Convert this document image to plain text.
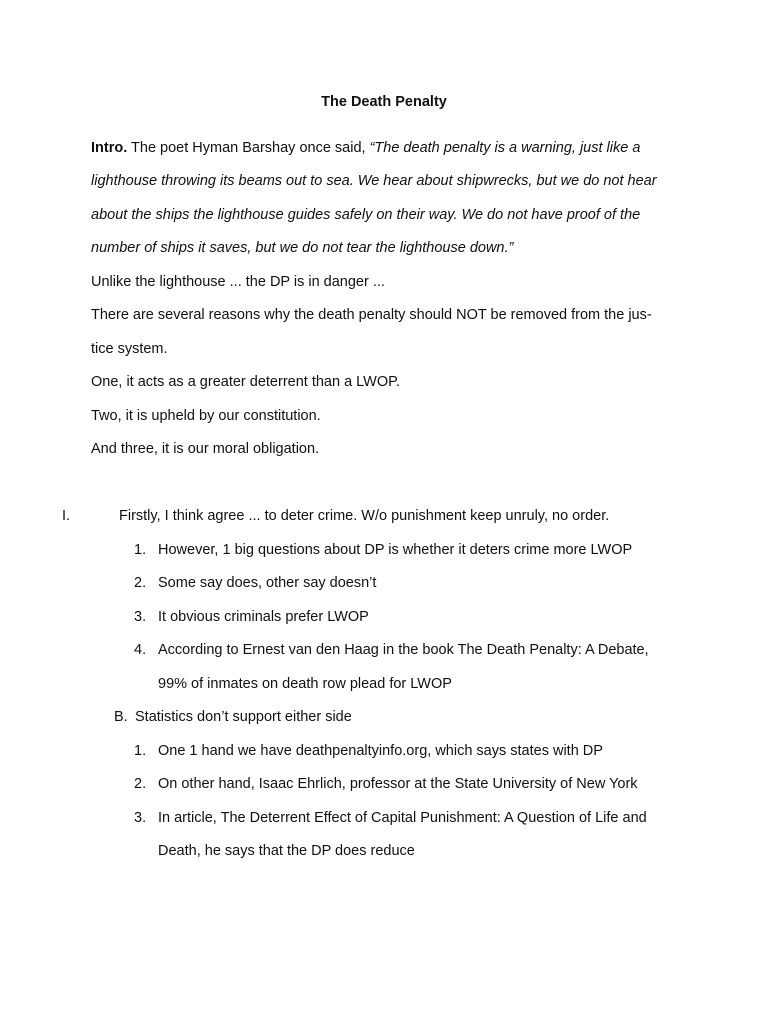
The Death Penalty
Intro. The poet Hyman Barshay once said, “The death penalty is a warning, just like a
lighthouse throwing its beams out to sea. We hear about shipwrecks, but we do not hear
about the ships the lighthouse guides safely on their way. We do not have proof of the
number of ships it saves, but we do not tear the lighthouse down.”
Unlike the lighthouse ... the DP is in danger ...
There are several reasons why the death penalty should NOT be removed from the jus-
tice system.
One, it acts as a greater deterrent than a LWOP.
Two, it is upheld by our constitution.
And three, it is our moral obligation.
I.	Firstly, I think agree ... to deter crime. W/o punishment keep unruly, no order.
1. However, 1 big questions about DP is whether it deters crime more LWOP
2. Some say does, other say doesn’t
3. It obvious criminals prefer LWOP
4. According to Ernest van den Haag in the book The Death Penalty: A Debate,
99% of inmates on death row plead for LWOP
B. Statistics don’t support either side
1. One 1 hand we have deathpenaltyinfo.org, which says states with DP
2. On other hand, Isaac Ehrlich, professor at the State University of New York
3. In article, The Deterrent Effect of Capital Punishment: A Question of Life and
Death, he says that the DP does reduce
